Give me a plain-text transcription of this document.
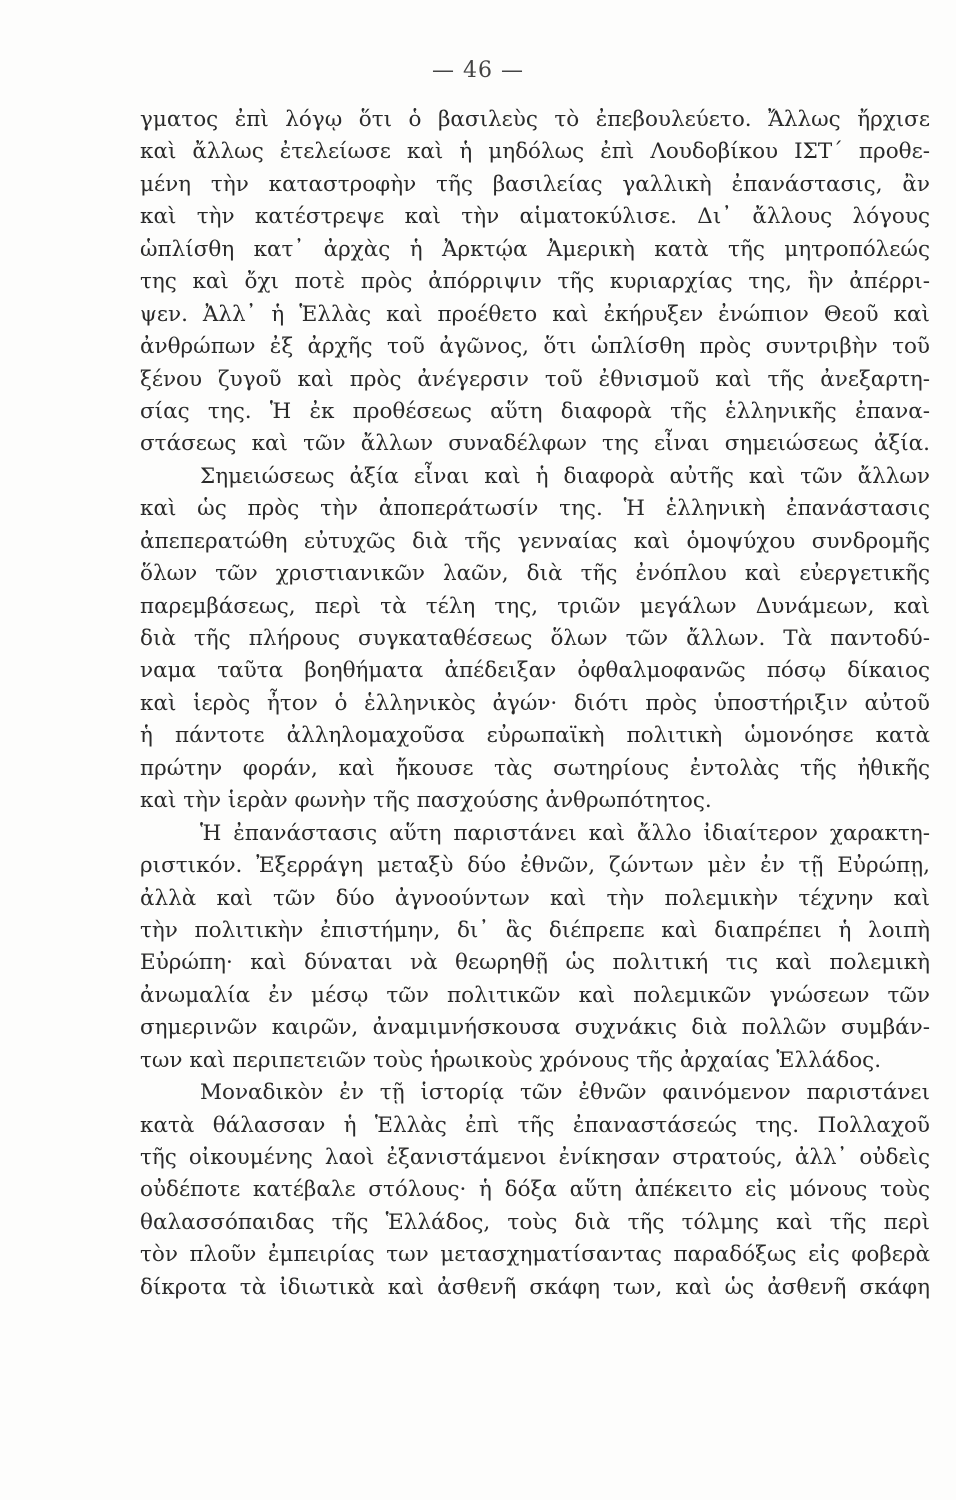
— 46 —
γματος ἐπὶ λόγῳ ὅτι ὁ βασιλεὺς τὸ ἐπεβουλεύετο. Ἄλλως ἤρχισε
καὶ ἄλλως ἐτελείωσε καὶ ἡ μηδόλως ἐπὶ Λουδοβίκου ΙΣΤ΄ προθε-
μένη τὴν καταστροφὴν τῆς βασιλείας γαλλικὴ ἐπανάστασις, ἂν
καὶ τὴν κατέστρεψε καὶ τὴν αἱματοκύλισε. Δι᾿ ἄλλους λόγους
ὡπλίσθη κατ᾿ ἀρχὰς ἡ Ἀρκτῴα Ἀμερικὴ κατὰ τῆς μητροπόλεώς
της καὶ ὄχι ποτὲ πρὸς ἀπόρριψιν τῆς κυριαρχίας της, ἣν ἀπέρρι-
ψεν. Ἀλλ᾿ ἡ Ἑλλὰς καὶ προέθετο καὶ ἐκήρυξεν ἐνώπιον Θεοῦ καὶ
ἀνθρώπων ἐξ ἀρχῆς τοῦ ἀγῶνος, ὅτι ὡπλίσθη πρὸς συντριβὴν τοῦ
ξένου ζυγοῦ καὶ πρὸς ἀνέγερσιν τοῦ ἐθνισμοῦ καὶ τῆς ἀνεξαρτη-
σίας της. Ἡ ἐκ προθέσεως αὕτη διαφορὰ τῆς ἑλληνικῆς ἐπανα-
στάσεως καὶ τῶν ἄλλων συναδέλφων της εἶναι σημειώσεως ἀξία.
Σημειώσεως ἀξία εἶναι καὶ ἡ διαφορὰ αὐτῆς καὶ τῶν ἄλλων
καὶ ὡς πρὸς τὴν ἀποπεράτωσίν της. Ἡ ἑλληνικὴ ἐπανάστασις
ἀπεπερατώθη εὐτυχῶς διὰ τῆς γενναίας καὶ ὁμοψύχου συνδρομῆς
ὅλων τῶν χριστιανικῶν λαῶν, διὰ τῆς ἐνόπλου καὶ εὐεργετικῆς
παρεμβάσεως, περὶ τὰ τέλη της, τριῶν μεγάλων Δυνάμεων, καὶ
διὰ τῆς πλήρους συγκαταθέσεως ὅλων τῶν ἄλλων. Τὰ παντοδύ-
ναμα ταῦτα βοηθήματα ἀπέδειξαν ὀφθαλμοφανῶς πόσῳ δίκαιος
καὶ ἱερὸς ἦτον ὁ ἑλληνικὸς ἀγών· διότι πρὸς ὑποστήριξιν αὐτοῦ
ἡ πάντοτε ἀλληλομαχοῦσα εὐρωπαϊκὴ πολιτικὴ ὡμονόησε κατὰ
πρώτην φοράν, καὶ ἤκουσε τὰς σωτηρίους ἐντολὰς τῆς ἠθικῆς
καὶ τὴν ἱερὰν φωνὴν τῆς πασχούσης ἀνθρωπότητος.
Ἡ ἐπανάστασις αὕτη παριστάνει καὶ ἄλλο ἰδιαίτερον χαρακτη-
ριστικόν. Ἐξερράγη μεταξὺ δύο ἐθνῶν, ζώντων μὲν ἐν τῇ Εὐρώπῃ,
ἀλλὰ καὶ τῶν δύο ἀγνοούντων καὶ τὴν πολεμικὴν τέχνην καὶ
τὴν πολιτικὴν ἐπιστήμην, δι᾿ ἃς διέπρεπε καὶ διαπρέπει ἡ λοιπὴ
Εὐρώπη· καὶ δύναται νὰ θεωρηθῇ ὡς πολιτική τις καὶ πολεμικὴ
ἀνωμαλία ἐν μέσῳ τῶν πολιτικῶν καὶ πολεμικῶν γνώσεων τῶν
σημερινῶν καιρῶν, ἀναμιμνήσκουσα συχνάκις διὰ πολλῶν συμβάν-
των καὶ περιπετειῶν τοὺς ἡρωικοὺς χρόνους τῆς ἀρχαίας Ἑλλάδος.
Μοναδικὸν ἐν τῇ ἱστορίᾳ τῶν ἐθνῶν φαινόμενον παριστάνει
κατὰ θάλασσαν ἡ Ἑλλὰς ἐπὶ τῆς ἐπαναστάσεώς της. Πολλαχοῦ
τῆς οἰκουμένης λαοὶ ἐξανιστάμενοι ἐνίκησαν στρατούς, ἀλλ᾿ οὐδεὶς
οὐδέποτε κατέβαλε στόλους· ἡ δόξα αὕτη ἀπέκειτο εἰς μόνους τοὺς
θαλασσόπαιδας τῆς Ἑλλάδος, τοὺς διὰ τῆς τόλμης καὶ τῆς περὶ
τὸν πλοῦν ἐμπειρίας των μετασχηματίσαντας παραδόξως εἰς φοβερὰ
δίκροτα τὰ ἰδιωτικὰ καὶ ἀσθενῆ σκάφη των, καὶ ὡς ἀσθενῆ σκάφη
